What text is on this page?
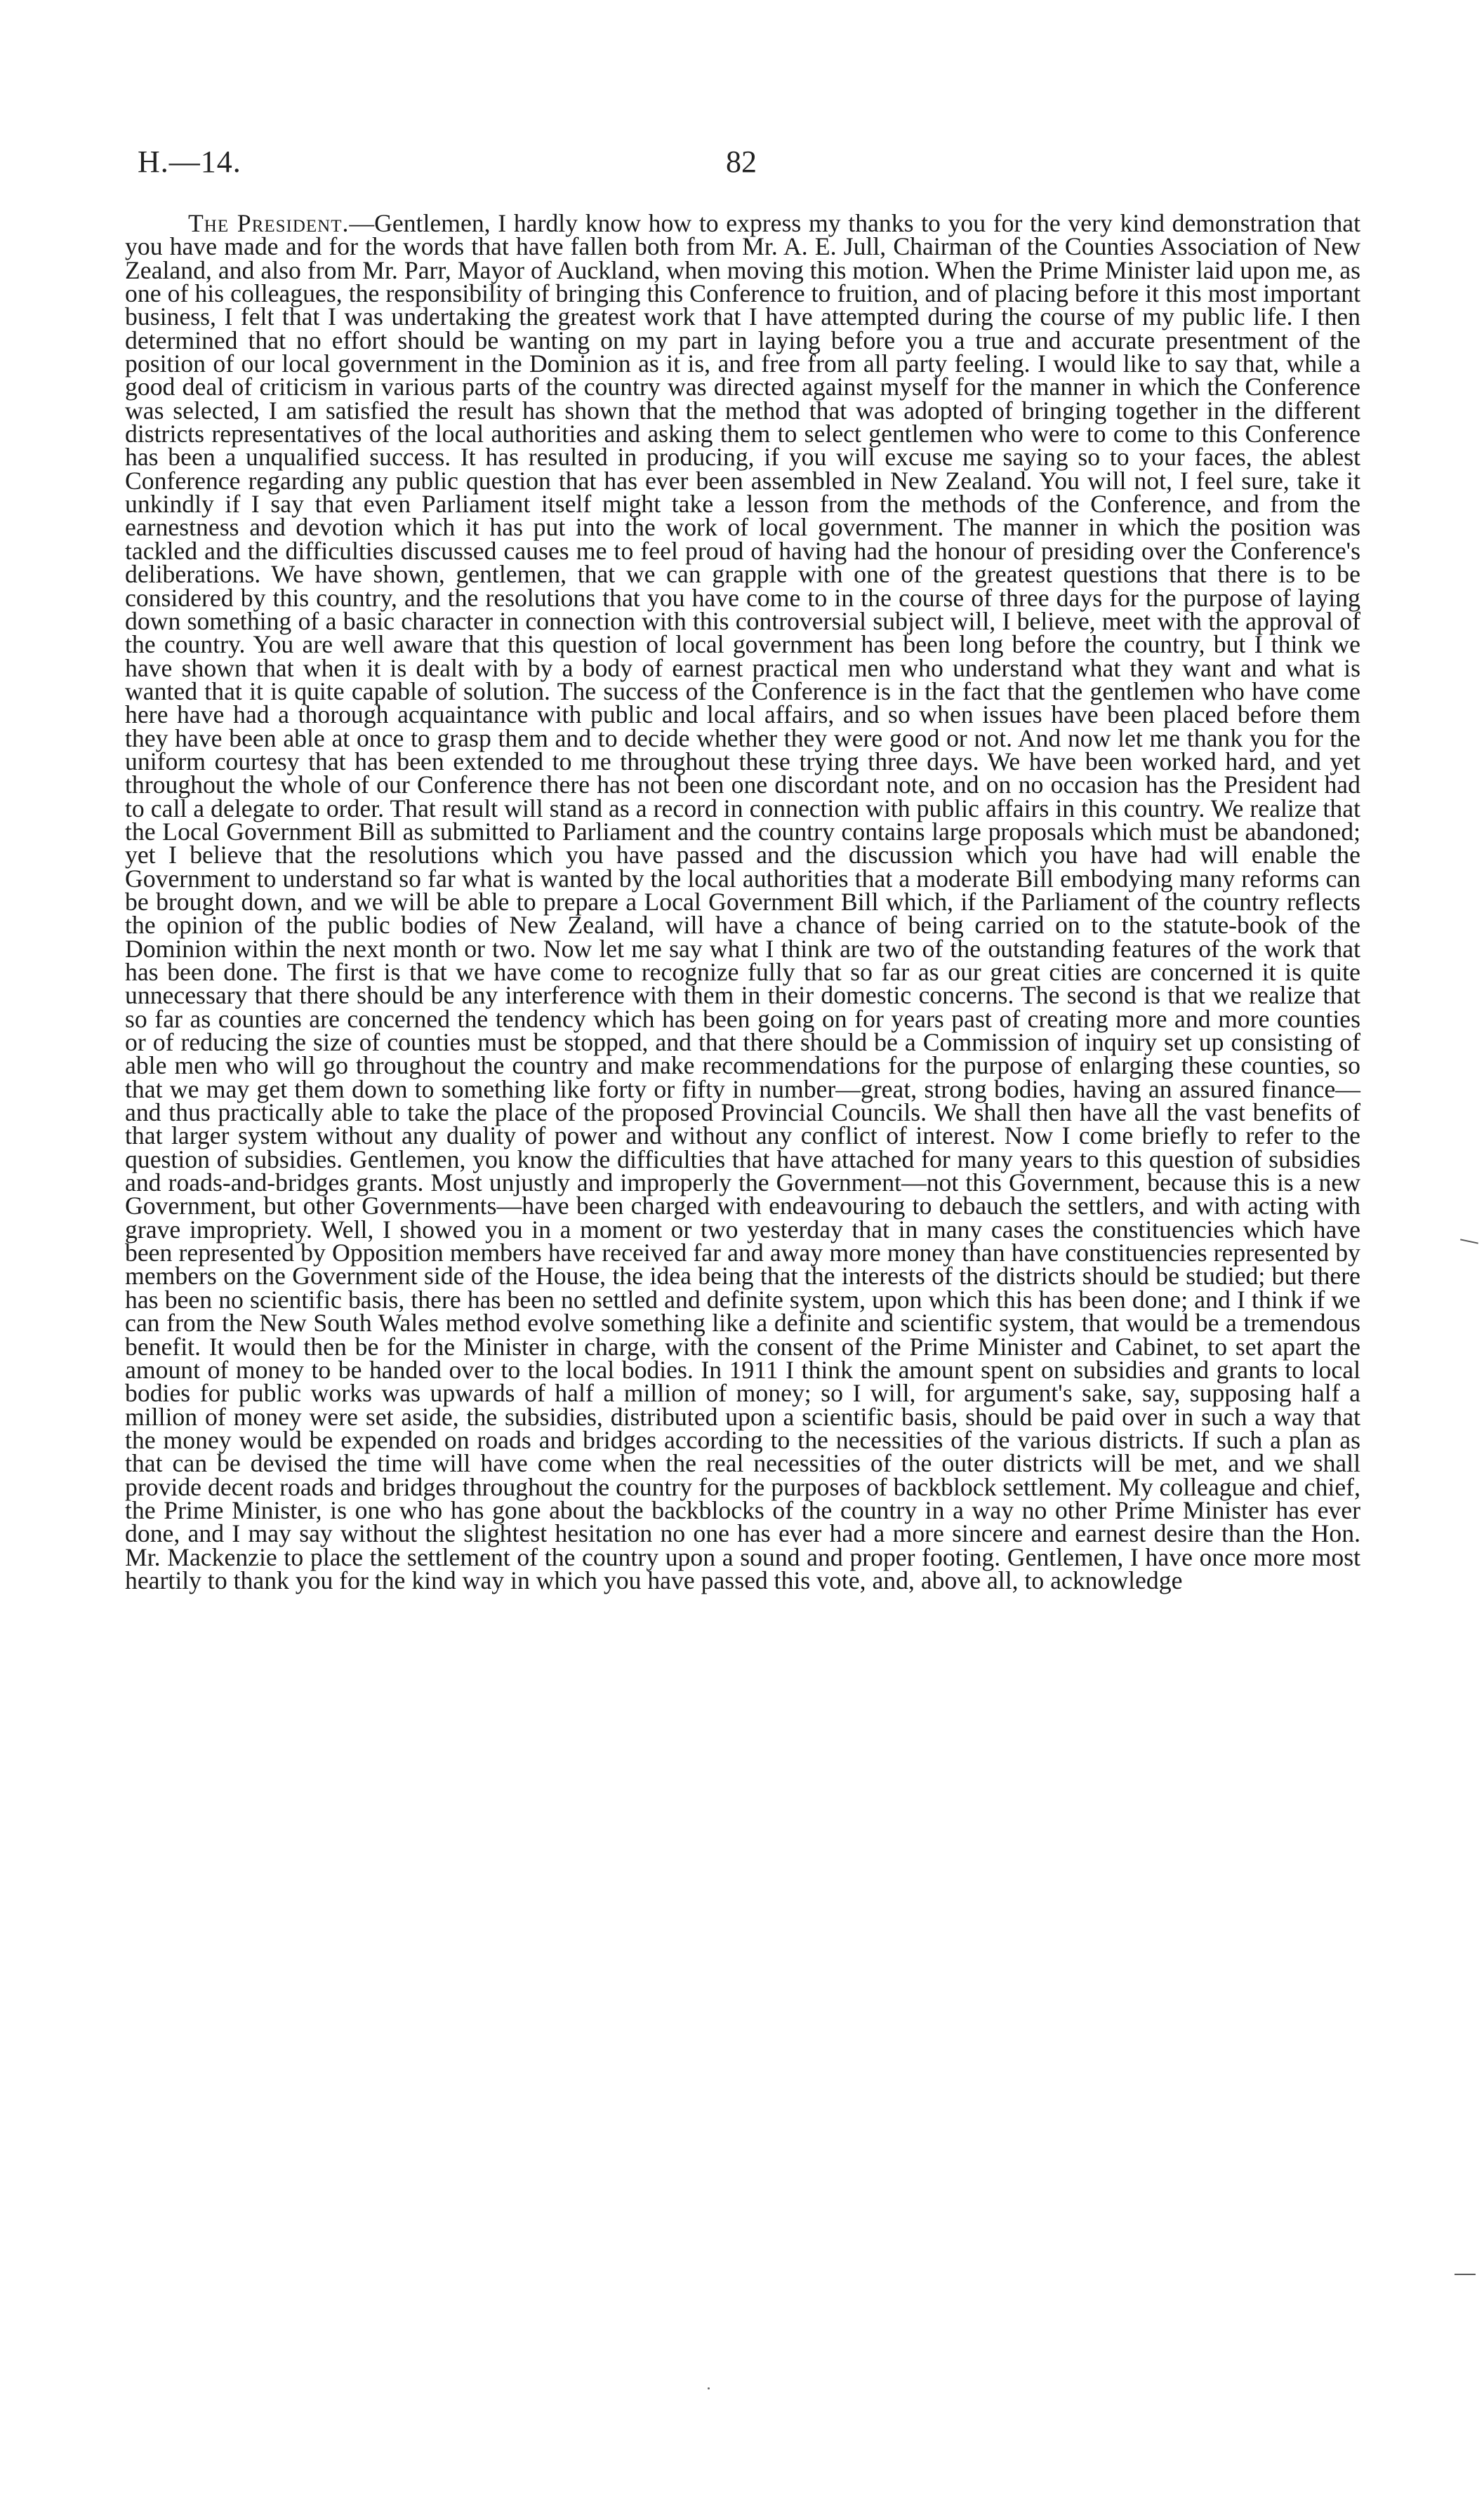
H.—14.	82

The President.—Gentlemen, I hardly know how to express my thanks to you for the very kind demonstration that you have made and for the words that have fallen both from Mr. A. E. Jull, Chairman of the Counties Association of New Zealand, and also from Mr. Parr, Mayor of Auckland, when moving this motion. When the Prime Minister laid upon me, as one of his colleagues, the responsibility of bringing this Conference to fruition, and of placing before it this most important business, I felt that I was undertaking the greatest work that I have attempted during the course of my public life. I then determined that no effort should be wanting on my part in laying before you a true and accurate presentment of the position of our local government in the Dominion as it is, and free from all party feeling. I would like to say that, while a good deal of criticism in various parts of the country was directed against myself for the manner in which the Conference was selected, I am satisfied the result has shown that the method that was adopted of bringing together in the different districts representatives of the local authorities and asking them to select gentlemen who were to come to this Conference has been a unqualified success. It has resulted in producing, if you will excuse me saying so to your faces, the ablest Conference regarding any public question that has ever been assembled in New Zealand. You will not, I feel sure, take it unkindly if I say that even Parliament itself might take a lesson from the methods of the Conference, and from the earnestness and devotion which it has put into the work of local government. The manner in which the position was tackled and the difficulties discussed causes me to feel proud of having had the honour of presiding over the Conference's deliberations. We have shown, gentlemen, that we can grapple with one of the greatest questions that there is to be considered by this country, and the resolutions that you have come to in the course of three days for the purpose of laying down something of a basic character in connection with this controversial subject will, I believe, meet with the approval of the country. You are well aware that this question of local government has been long before the country, but I think we have shown that when it is dealt with by a body of earnest practical men who understand what they want and what is wanted that it is quite capable of solution. The success of the Conference is in the fact that the gentlemen who have come here have had a thorough acquaintance with public and local affairs, and so when issues have been placed before them they have been able at once to grasp them and to decide whether they were good or not. And now let me thank you for the uniform courtesy that has been extended to me throughout these trying three days. We have been worked hard, and yet throughout the whole of our Conference there has not been one discordant note, and on no occasion has the President had to call a delegate to order. That result will stand as a record in connection with public affairs in this country. We realize that the Local Government Bill as submitted to Parliament and the country contains large proposals which must be abandoned; yet I believe that the resolutions which you have passed and the discussion which you have had will enable the Government to understand so far what is wanted by the local authorities that a moderate Bill embodying many reforms can be brought down, and we will be able to prepare a Local Government Bill which, if the Parliament of the country reflects the opinion of the public bodies of New Zealand, will have a chance of being carried on to the statute-book of the Dominion within the next month or two. Now let me say what I think are two of the outstanding features of the work that has been done. The first is that we have come to recognize fully that so far as our great cities are concerned it is quite unnecessary that there should be any interference with them in their domestic concerns. The second is that we realize that so far as counties are concerned the tendency which has been going on for years past of creating more and more counties or of reducing the size of counties must be stopped, and that there should be a Commission of inquiry set up consisting of able men who will go throughout the country and make recommendations for the purpose of enlarging these counties, so that we may get them down to something like forty or fifty in number—great, strong bodies, having an assured finance—and thus practically able to take the place of the proposed Provincial Councils. We shall then have all the vast benefits of that larger system without any duality of power and without any conflict of interest. Now I come briefly to refer to the question of subsidies. Gentlemen, you know the difficulties that have attached for many years to this question of subsidies and roads-and-bridges grants. Most unjustly and improperly the Government—not this Government, because this is a new Government, but other Governments—have been charged with endeavouring to debauch the settlers, and with acting with grave impropriety. Well, I showed you in a moment or two yesterday that in many cases the constituencies which have been represented by Opposition members have received far and away more money than have constituencies represented by members on the Government side of the House, the idea being that the interests of the districts should be studied; but there has been no scientific basis, there has been no settled and definite system, upon which this has been done; and I think if we can from the New South Wales method evolve something like a definite and scientific system, that would be a tremendous benefit. It would then be for the Minister in charge, with the consent of the Prime Minister and Cabinet, to set apart the amount of money to be handed over to the local bodies. In 1911 I think the amount spent on subsidies and grants to local bodies for public works was upwards of half a million of money; so I will, for argument's sake, say, supposing half a million of money were set aside, the subsidies, distributed upon a scientific basis, should be paid over in such a way that the money would be expended on roads and bridges according to the necessities of the various districts. If such a plan as that can be devised the time will have come when the real necessities of the outer districts will be met, and we shall provide decent roads and bridges throughout the country for the purposes of backblock settlement. My colleague and chief, the Prime Minister, is one who has gone about the backblocks of the country in a way no other Prime Minister has ever done, and I may say without the slightest hesitation no one has ever had a more sincere and earnest desire than the Hon. Mr. Mackenzie to place the settlement of the country upon a sound and proper footing. Gentlemen, I have once more most heartily to thank you for the kind way in which you have passed this vote, and, above all, to acknowledge
